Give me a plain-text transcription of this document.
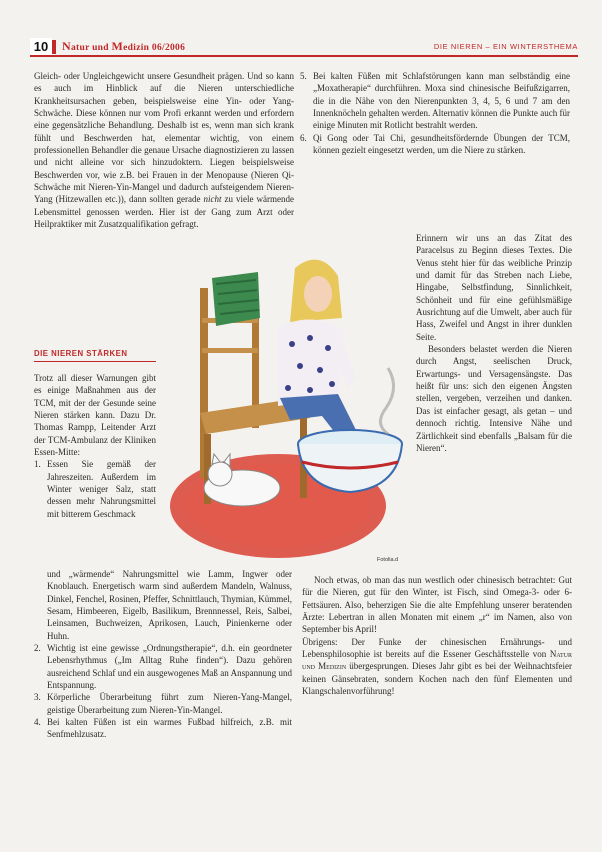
10	Natur und Medizin 06/2006	DIE NIEREN – EIN WINTERSTHEMA

Gleich- oder Ungleichgewicht unsere Gesundheit prägen. Und so kann es auch im Hinblick auf die Nieren unterschiedliche Krankheitsursachen geben, beispielsweise eine Yin- oder Yang-Schwäche. Diese können nur vom Profi erkannt werden und erfordern eine gegensätzliche Behandlung. Deshalb ist es, wenn man sich krank fühlt und Beschwerden hat, elementar wichtig, von einem professionellen Behandler die genaue Ursache diagnostizieren zu lassen und nicht alleine vor sich hinzudoktern. Liegen beispielsweise Beschwerden vor, wie z.B. bei Frauen in der Menopause (Nieren Qi-Schwäche mit Nieren-Yin-Mangel und dadurch aufsteigendem Nieren-Yang (Hitzewallen etc.)), dann sollten gerade nicht zu viele wärmende Lebensmittel genossen werden. Hier ist der Gang zum Arzt oder Heilpraktiker mit Zusatzqualifikation gefragt.

DIE NIEREN STÄRKEN

Trotz all dieser Warnungen gibt es einige Maßnahmen aus der TCM, mit der der Gesunde seine Nieren stärken kann. Dazu Dr. Thomas Rampp, Leitender Arzt der TCM-Ambulanz der Kliniken Essen-Mitte:

1. Essen Sie gemäß der Jahreszeiten. Außerdem im Winter weniger Salz, statt dessen mehr Nahrungsmittel mit bitterem Geschmack
und „wärmende“ Nahrungsmittel wie Lamm, Ingwer oder Knoblauch. Energetisch warm sind außerdem Mandeln, Walnuss, Dinkel, Fenchel, Rosinen, Pfeffer, Schnittlauch, Thymian, Kümmel, Sesam, Himbeeren, Eigelb, Basilikum, Brennnessel, Reis, Salbei, Leinsamen, Buchweizen, Aprikosen, Lauch, Pinienkerne oder Huhn.
2. Wichtig ist eine gewisse „Ordnungstherapie“, d.h. ein geordneter Lebensrhythmus („Im Alltag Ruhe finden“). Dazu gehören ausreichend Schlaf und ein ausgewogenes Maß an Anspannung und Entspannung.
3. Körperliche Überarbeitung führt zum Nieren-Yang-Mangel, geistige Überarbeitung zum Nieren-Yin-Mangel.
4. Bei kalten Füßen ist ein warmes Fußbad hilfreich, z.B. mit Senfmehlzusatz.
5. Bei kalten Füßen mit Schlafstörungen kann man selbständig eine „Moxatherapie“ durchführen. Moxa sind chinesische Beifußzigarren, die in die Nähe von den Nierenpunkten 3, 4, 5, 6 und 7 am den Innenknöcheln gehalten werden. Alternativ können die Punkte auch für einige Minuten mit Rotlicht bestrahlt werden.
6. Qi Gong oder Tai Chi, gesundheitsfördernde Übungen der TCM, können gezielt eingesetzt werden, um die Niere zu stärken.

Erinnern wir uns an das Zitat des Paracelsus zu Beginn dieses Textes. Die Venus steht hier für das weibliche Prinzip und damit für das Streben nach Liebe, Hingabe, Selbstfindung, Sinnlichkeit, Schönheit und für eine gefühlsmäßige Ausrichtung auf die Umwelt, aber auch für Hass, Zweifel und Angst in ihrer dunklen Seite.

Besonders belastet werden die Nieren durch Angst, seelischen Druck, Erwartungs- und Versagensängste. Das heißt für uns: sich den eigenen Ängsten stellen, vergeben, verzeihen und danken. Das ist einfacher gesagt, als getan – und dennoch richtig. Intensive Nähe und Zärtlichkeit sind ebenfalls „Balsam für die Nieren“.

Noch etwas, ob man das nun westlich oder chinesisch betrachtet: Gut für die Nieren, gut für den Winter, ist Fisch, sind Omega-3- oder 6-Fettsäuren. Also, beherzigen Sie die alte Empfehlung unserer beratenden Ärzte: Lebertran in allen Monaten mit einem „r“ im Namen, also von September bis April!

Übrigens: Der Funke der chinesischen Ernährungs- und Lebensphilosophie ist bereits auf die Essener Geschäftsstelle von Natur und Medizin übergesprungen. Dieses Jahr gibt es bei der Weihnachtsfeier keinen Gänsebraten, sondern Kochen nach den fünf Elementen und Klangschalenvorführung!

Fotolia.d
